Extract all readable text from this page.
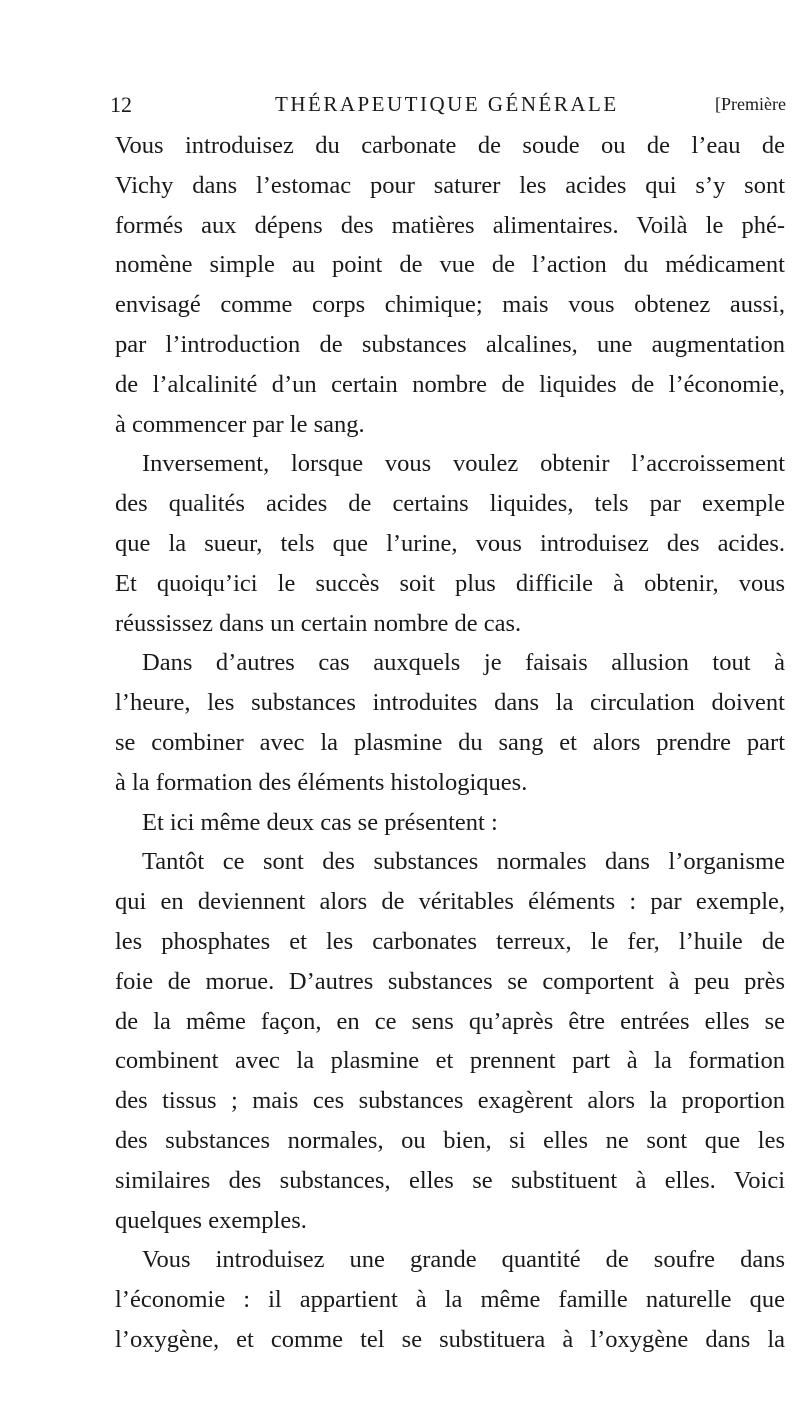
12	THÉRAPEUTIQUE GÉNÉRALE	[Première
Vous introduisez du carbonate de soude ou de l’eau de
Vichy dans l’estomac pour saturer les acides qui s’y sont
formés aux dépens des matières alimentaires. Voilà le phé-
nomène simple au point de vue de l’action du médicament
envisagé comme corps chimique; mais vous obtenez aussi,
par l’introduction de substances alcalines, une augmentation
de l’alcalinité d’un certain nombre de liquides de l’économie,
à commencer par le sang.
Inversement, lorsque vous voulez obtenir l’accroissement
des qualités acides de certains liquides, tels par exemple
que la sueur, tels que l’urine, vous introduisez des acides.
Et quoiqu’ici le succès soit plus difficile à obtenir, vous
réussissez dans un certain nombre de cas.
Dans d’autres cas auxquels je faisais allusion tout à
l’heure, les substances introduites dans la circulation doivent
se combiner avec la plasmine du sang et alors prendre part
à la formation des éléments histologiques.
Et ici même deux cas se présentent :
Tantôt ce sont des substances normales dans l’organisme
qui en deviennent alors de véritables éléments : par exemple,
les phosphates et les carbonates terreux, le fer, l’huile de
foie de morue. D’autres substances se comportent à peu près
de la même façon, en ce sens qu’après être entrées elles se
combinent avec la plasmine et prennent part à la formation
des tissus ; mais ces substances exagèrent alors la proportion
des substances normales, ou bien, si elles ne sont que les
similaires des substances, elles se substituent à elles. Voici
quelques exemples.
Vous introduisez une grande quantité de soufre dans
l’économie : il appartient à la même famille naturelle que
l’oxygène, et comme tel se substituera à l’oxygène dans la
